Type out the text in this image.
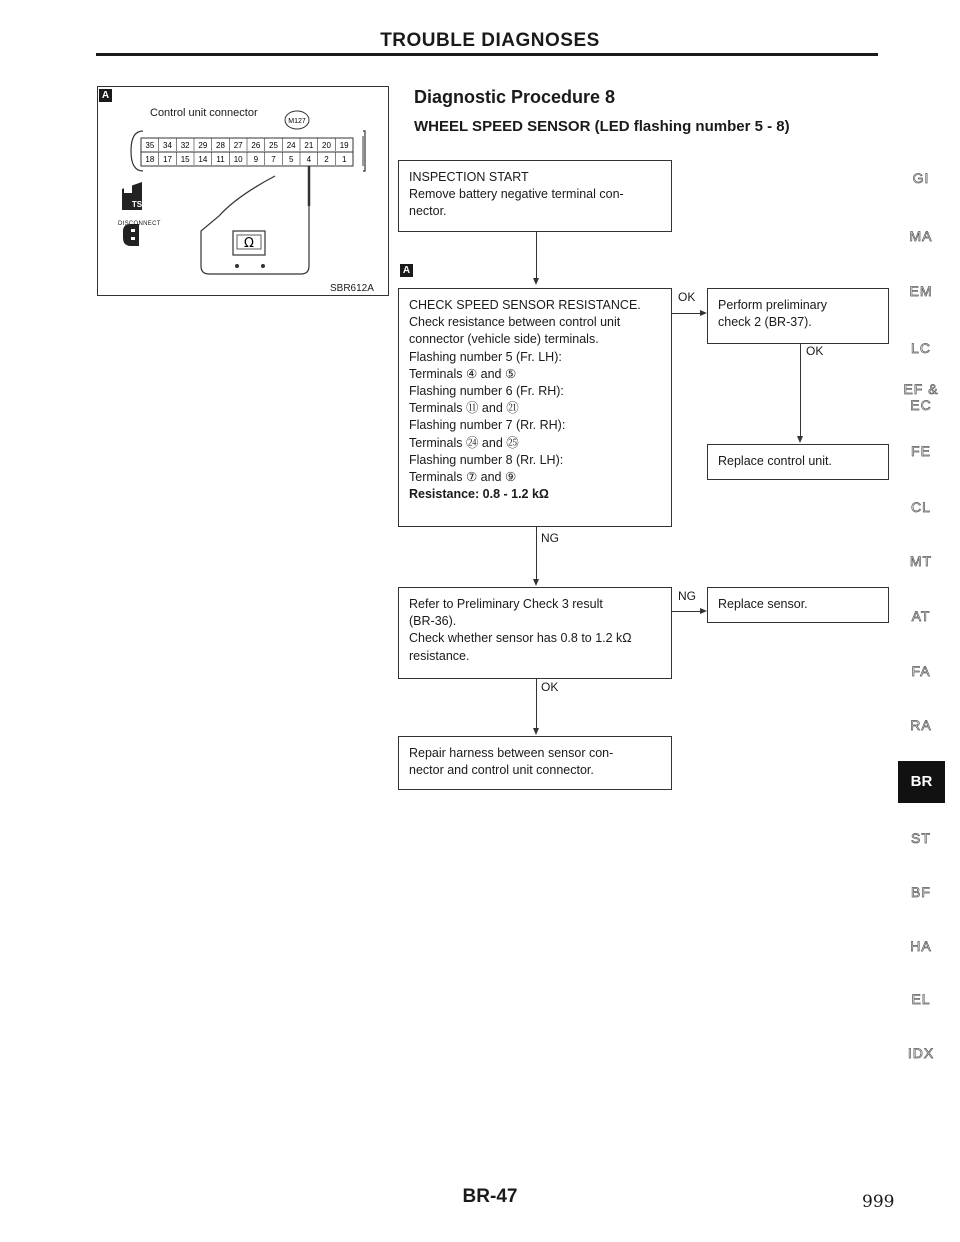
TROUBLE DIAGNOSES
A
Control unit connector
M127
35 34 32 29 28 27 26 25 24 21 20 19
18 17 15 14 11 10 9 7 5 4 2 1
Ω
TS
DISCONNECT
SBR612A
Diagnostic Procedure 8
WHEEL SPEED SENSOR (LED flashing number 5 - 8)
INSPECTION START
Remove battery negative terminal con-
nector.
A
CHECK SPEED SENSOR RESISTANCE.
Check resistance between control unit
connector (vehicle side) terminals.
Flashing number 5 (Fr. LH):
Terminals ④ and ⑤
Flashing number 6 (Fr. RH):
Terminals ⑪ and ㉑
Flashing number 7 (Rr. RH):
Terminals ㉔ and ㉕
Flashing number 8 (Rr. LH):
Terminals ⑦ and ⑨
Resistance: 0.8 - 1.2 kΩ
OK
Perform preliminary
check 2 (BR-37).
OK
Replace control unit.
NG
Refer to Preliminary Check 3 result
(BR-36).
Check whether sensor has 0.8 to 1.2 kΩ
resistance.
NG
Replace sensor.
OK
Repair harness between sensor con-
nector and control unit connector.
GI
MA
EM
LC
EF &
EC
FE
CL
MT
AT
FA
RA
BR
ST
BF
HA
EL
IDX
BR-47	999
